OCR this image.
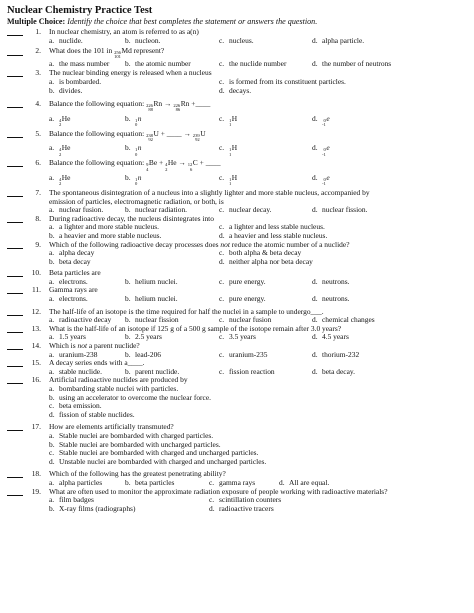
Nuclear Chemistry Practice Test
Multiple Choice: Identify the choice that best completes the statement or answers the question.
1. In nuclear chemistry, an atom is referred to as a(n)
a. nuclide.	b. nucleon.	c. nucleus.	d. alpha particle.
2. What does the 101 in 256
101
Md represent?
a. the mass number b. the atomic number	c. the nuclide number	d. the number of neutrons
3. The nuclear binding energy is released when a nucleus
a. is bombarded.	c. is formed from its constituent particles.
b. divides.	d. decays.
4. Balance the following equation: 226
88
Rn → 226
86
Rn +____
a. 4
2
He	b. 1
0
n	c. 1
1
H	d.	0
-1
e
5. Balance the following equation: 238
92
U + ____ → 239
92
U
a. 4
2
He	b. 1
0
n	c. 1
1
H	d.	0
-1
e
6. Balance the following equation: 9
4
Be + 4
2
He → 12
6
C + ____
a. 4
2
He	b. 1
0
n	c. 1
1
H	d.	0
-1
e
7. The spontaneous disintegration of a nucleus into a slightly lighter and more stable nucleus, accompanied by
emission of particles, electromagnetic radiation, or both, is
a. nuclear fusion.	b. nuclear radiation.	c. nuclear decay.	d. nuclear fission.
8. During radioactive decay, the nucleus disintegrates into
a. a lighter and more stable nucleus.	c. a lighter and less stable nucleus.
b. a heavier and more stable nucleus.	d. a heavier and less stable nucleus.
9. Which of the following radioactive decay processes does not reduce the atomic number of a nuclide?
a. alpha decay	c. both alpha & beta decay
b. beta decay	d. neither alpha nor beta decay
10. Beta particles are
a. electrons.	b. helium nuclei.	c. pure energy.	d. neutrons.
11. Gamma rays are
a. electrons.	b. helium nuclei.	c. pure energy.	d. neutrons.
12. The half-life of an isotope is the time required for half the nuclei in a sample to undergo___.
a. radioactive decay b. nuclear fission	c. nuclear fusion	d. chemical changes
13. What is the half-life of an isotope if 125 g of a 500 g sample of the isotope remain after 3.0 years?
a. 1.5 years	b. 2.5 years	c. 3.5 years	d. 4.5 years
14. Which is not a parent nuclide?
a. uranium-238	b. lead-206	c. uranium-235	d. thorium-232
15. A decay series ends with a____.
a. stable nuclide.	b. parent nuclide.	c. fission reaction	d. beta decay.
16. Artificial radioactive nuclides are produced by
a. bombarding stable nuclei with particles.
b. using an accelerator to overcome the nuclear force.
c. beta emission.
d. fission of stable nuclides.
17. How are elements artificially transmuted?
a. Stable nuclei are bombarded with charged particles.
b. Stable nuclei are bombarded with uncharged particles.
c. Stable nuclei are bombarded with charged and uncharged particles.
d. Unstable nuclei are bombarded with charged and uncharged particles.
18. Which of the following has the greatest penetrating ability?
a. alpha particles	b. beta particles	c. gamma rays	d. All are equal.
19. What are often used to monitor the approximate radiation exposure of people working with radioactive materials?
a. film badges	c. scintillation counters
b. X-ray films (radiographs)	d. radioactive tracers
